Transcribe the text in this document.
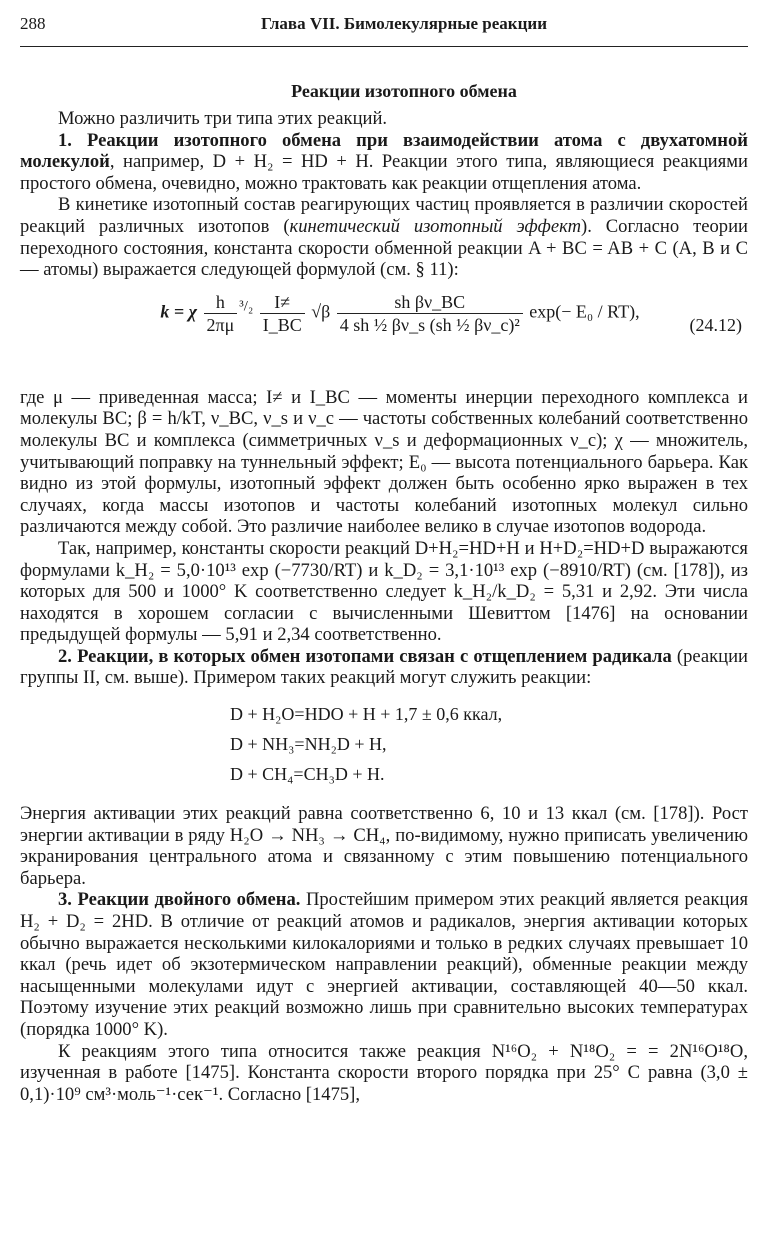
288	Глава VII. Бимолекулярные реакции
Реакции изотопного обмена

Можно различить три типа этих реакций.

1. Реакции изотопного обмена при взаимодействии атома с двухатомной молекулой, например, D + H₂ = HD + H. Реакции этого типа, являющиеся реакциями простого обмена, очевидно, можно трактовать как реакции отщепления атома.

В кинетике изотопный состав реагирующих частиц проявляется в различии скоростей реакций различных изотопов (кинетический изотопный эффект). Согласно теории переходного состояния, константа скорости обменной реакции A + BC = AB + C (A, B и C — атомы) выражается следующей формулой (см. § 11):

k = χ $\frac{h}{2\pi\mu} ^{^3/_2} \frac{I\ne}{I\_BC} √\beta \frac{\text{sh βν\_BC}}{\text{4 sh ½ βν\_s (sh ½ βν\_c)²}} \exp(- E_0 / RT)$,
(24.12)

где μ — приведенная масса; I≠ и I_BC — моменты инерции переходного комплекса и молекулы BC; β = h/kT, ν_BC, ν_s и ν_c — частоты собственных колебаний соответственно молекулы BC и комплекса (симметричных ν_s и деформационных ν_c); χ — множитель, учитывающий поправку на туннельный эффект; E₀ — высота потенциального барьера. Как видно из этой формулы, изотопный эффект должен быть особенно ярко выражен в тех случаях, когда массы изотопов и частоты колебаний изотопных молекул сильно различаются между собой. Это различие наиболее велико в случае изотопов водорода.

Так, например, константы скорости реакций D+H₂=HD+H и H+D₂=HD+D выражаются формулами k_H₂ = 5,0·10¹³ exp (−7730/RT) и k_D₂ = 3,1·10¹³ exp (−8910/RT) (см. [178]), из которых для 500 и 1000° K соответственно следует k_H₂/k_D₂ = 5,31 и 2,92. Эти числа находятся в хорошем согласии с вычисленными Шевиттом [1476] на основании предыдущей формулы — 5,91 и 2,34 соответственно.

2. Реакции, в которых обмен изотопами связан с отщеплением радикала (реакции группы II, см. выше). Примером таких реакций могут служить реакции:

D + H₂O=HDO + H + 1,7 ± 0,6 ккал,
D + NH₃=NH₂D + H,
D + CH₄=CH₃D + H.

Энергия активации этих реакций равна соответственно 6, 10 и 13 ккал (см. [178]). Рост энергии активации в ряду H₂O → NH₃ → CH₄, по-видимому, нужно приписать увеличению экранирования центрального атома и связанному с этим повышению потенциального барьера.

3. Реакции двойного обмена. Простейшим примером этих реакций является реакция H₂ + D₂ = 2HD. В отличие от реакций атомов и радикалов, энергия активации которых обычно выражается несколькими килокалориями и только в редких случаях превышает 10 ккал (речь идет об экзотермическом направлении реакций), обменные реакции между насыщенными молекулами идут с энергией активации, составляющей 40—50 ккал. Поэтому изучение этих реакций возможно лишь при сравнительно высоких температурах (порядка 1000° K).

К реакциям этого типа относится также реакция N¹⁶O₂ + N¹⁸O₂ = = 2N¹⁶O¹⁸O, изученная в работе [1475]. Константа скорости второго порядка при 25° C равна (3,0 ± 0,1)·10⁹ см³·моль⁻¹·сек⁻¹. Согласно [1475],
